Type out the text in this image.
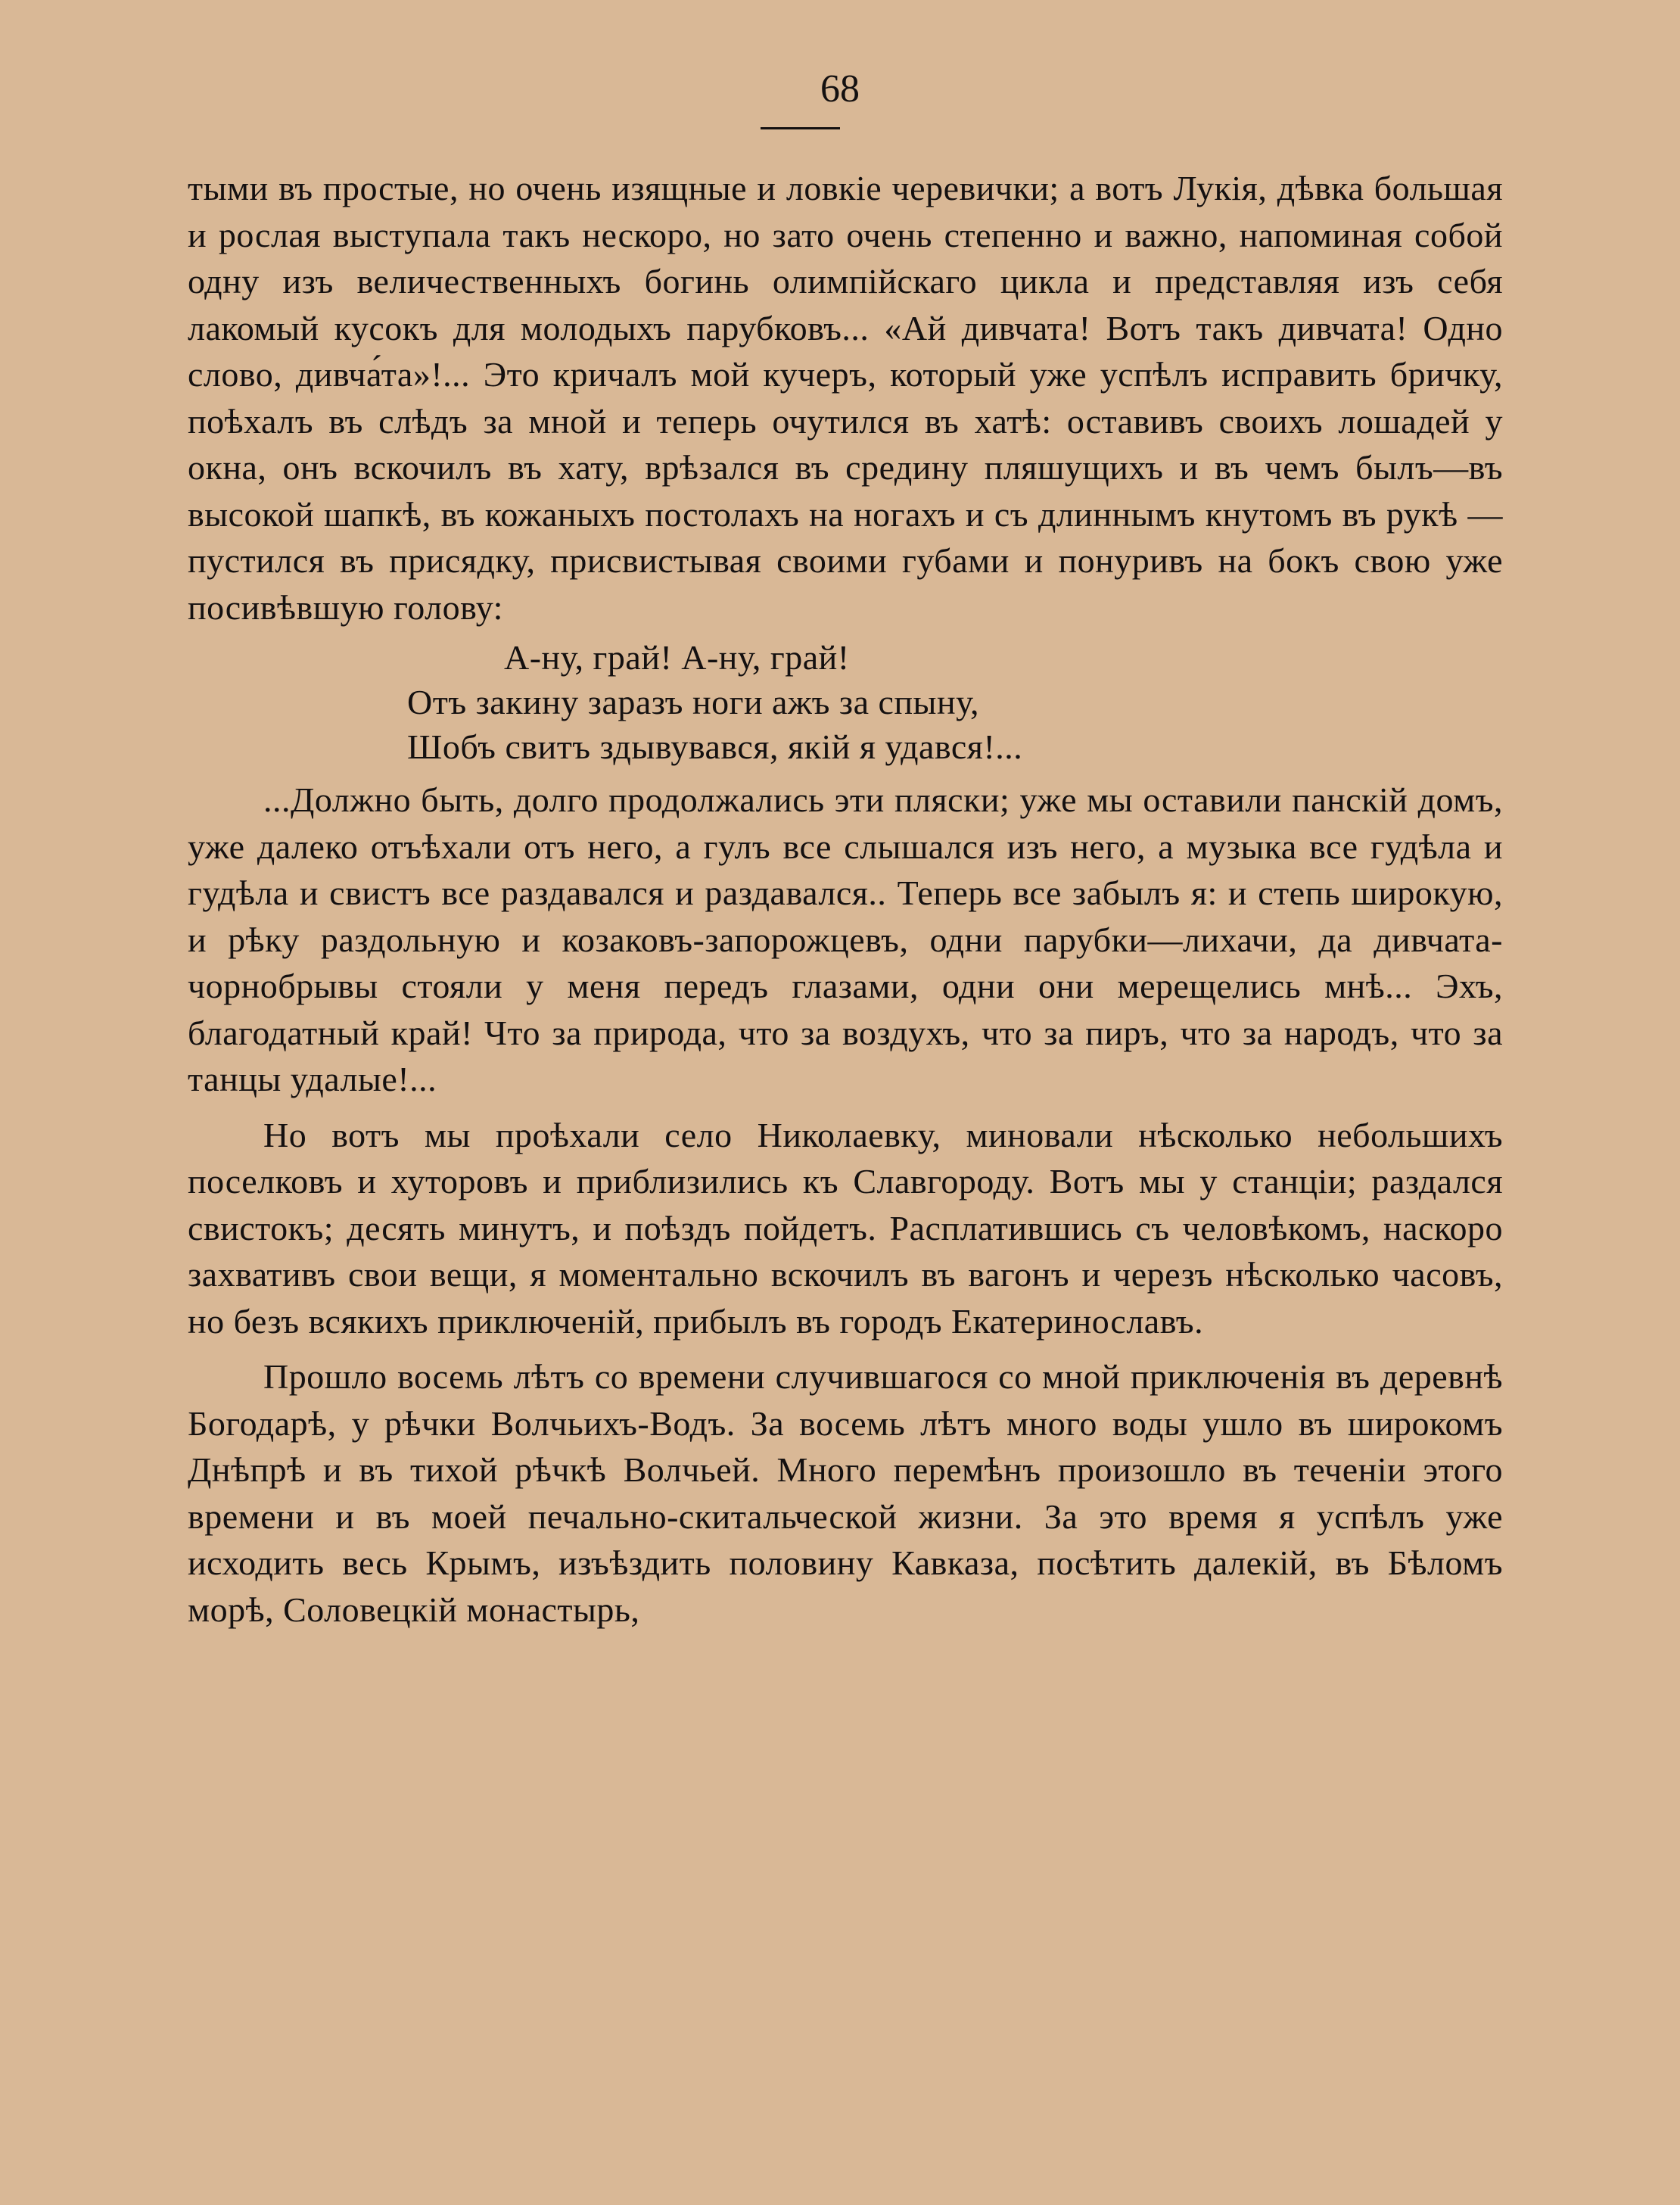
68

тыми въ простые, но очень изящные и ловкіе черевички; а вотъ Лукія, дѣвка большая и рослая выступала такъ нескоро, но зато очень степенно и важно, напоминая собой одну изъ величественныхъ богинь олимпійскаго цикла и представляя изъ себя лакомый кусокъ для молодыхъ парубковъ... «Ай дивчата! Вотъ такъ дивчата! Одно слово, дивча́та»!... Это кричалъ мой кучеръ, который уже успѣлъ исправить бричку, поѣхалъ въ слѣдъ за мной и теперь очутился въ хатѣ: оставивъ своихъ лошадей у окна, онъ вскочилъ въ хату, врѣзался въ средину пляшущихъ и въ чемъ былъ—въ высокой шапкѣ, въ кожаныхъ постолахъ на ногахъ и съ длиннымъ кнутомъ въ рукѣ — пустился въ присядку, присвистывая своими губами и понуривъ на бокъ свою уже посивѣвшую голову:

А-ну, грай! А-ну, грай!
Отъ закину заразъ ноги ажъ за спыну,
Шобъ свитъ здывувався, якій я удався!...

...Должно быть, долго продолжались эти пляски; уже мы оставили панскій домъ, уже далеко отъѣхали отъ него, а гулъ все слышался изъ него, а музыка все гудѣла и гудѣла и свистъ все раздавался и раздавался.. Теперь все забылъ я: и степь широкую, и рѣку раздольную и козаковъ-запорожцевъ, одни парубки—лихачи, да дивчата-чорнобрывы стояли у меня передъ глазами, одни они мерещелись мнѣ... Эхъ, благодатный край! Что за природа, что за воздухъ, что за пиръ, что за народъ, что за танцы удалые!...

Но вотъ мы проѣхали село Николаевку, миновали нѣсколько небольшихъ поселковъ и хуторовъ и приблизились къ Славгороду. Вотъ мы у станціи; раздался свистокъ; десять минутъ, и поѣздъ пойдетъ. Расплатившись съ человѣкомъ, наскоро захвативъ свои вещи, я моментально вскочилъ въ вагонъ и черезъ нѣсколько часовъ, но безъ всякихъ приключеній, прибылъ въ городъ Екатеринославъ.

Прошло восемь лѣтъ со времени случившагося со мной приключенія въ деревнѣ Богодарѣ, у рѣчки Волчьихъ-Водъ. За восемь лѣтъ много воды ушло въ широкомъ Днѣпрѣ и въ тихой рѣчкѣ Волчьей. Много перемѣнъ произошло въ теченіи этого времени и въ моей печально-скитальческой жизни. За это время я успѣлъ уже исходить весь Крымъ, изъѣздить половину Кавказа, посѣтить далекій, въ Бѣломъ морѣ, Соловецкій монастырь,
